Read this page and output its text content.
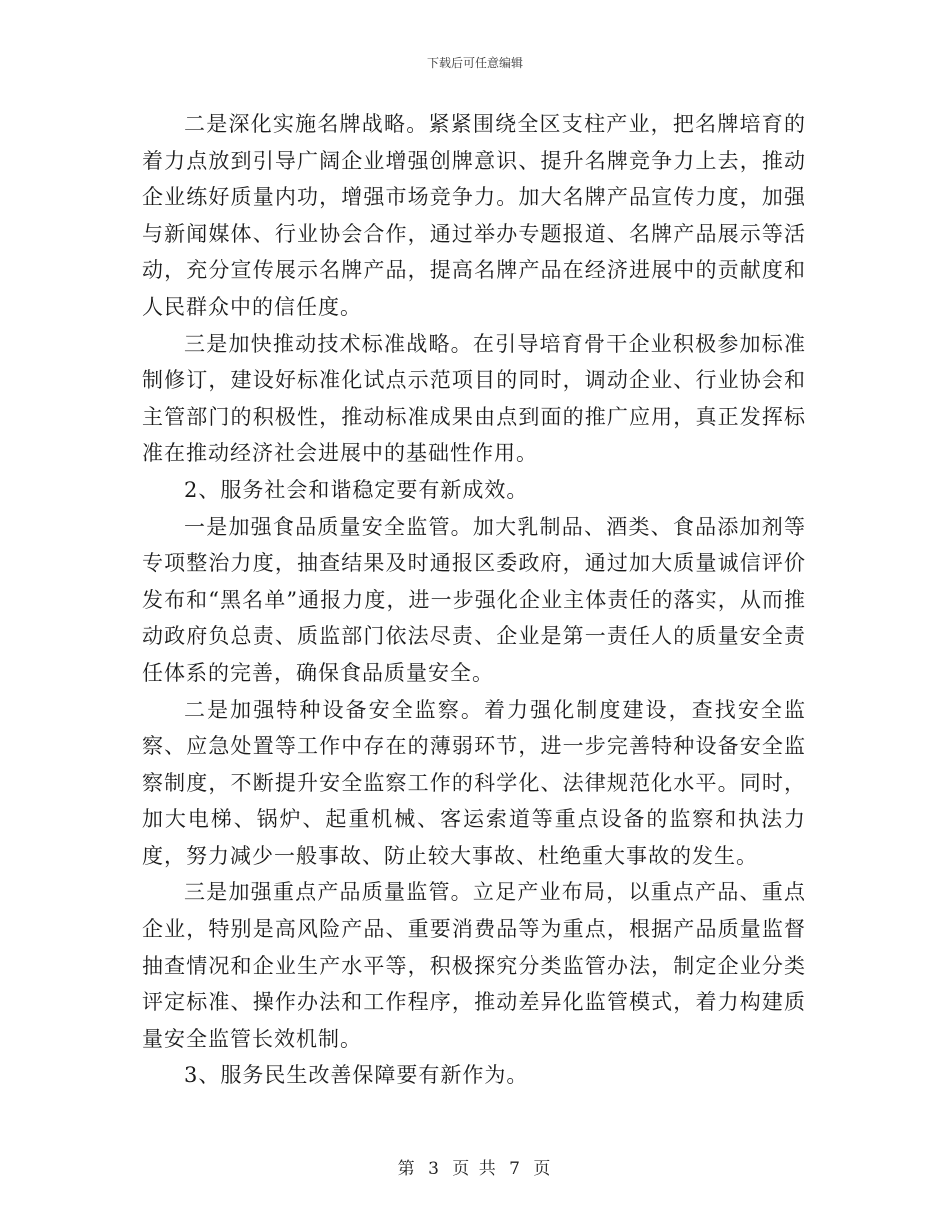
下载后可任意编辑

二是深化实施名牌战略。紧紧围绕全区支柱产业，把名牌培育的着力点放到引导广阔企业增强创牌意识、提升名牌竞争力上去，推动企业练好质量内功，增强市场竞争力。加大名牌产品宣传力度，加强与新闻媒体、行业协会合作，通过举办专题报道、名牌产品展示等活动，充分宣传展示名牌产品，提高名牌产品在经济进展中的贡献度和人民群众中的信任度。

三是加快推动技术标准战略。在引导培育骨干企业积极参加标准制修订，建设好标准化试点示范项目的同时，调动企业、行业协会和主管部门的积极性，推动标准成果由点到面的推广应用，真正发挥标准在推动经济社会进展中的基础性作用。

2、服务社会和谐稳定要有新成效。

一是加强食品质量安全监管。加大乳制品、酒类、食品添加剂等专项整治力度，抽查结果及时通报区委政府，通过加大质量诚信评价发布和“黑名单”通报力度，进一步强化企业主体责任的落实，从而推动政府负总责、质监部门依法尽责、企业是第一责任人的质量安全责任体系的完善，确保食品质量安全。

二是加强特种设备安全监察。着力强化制度建设，查找安全监察、应急处置等工作中存在的薄弱环节，进一步完善特种设备安全监察制度，不断提升安全监察工作的科学化、法律规范化水平。同时，加大电梯、锅炉、起重机械、客运索道等重点设备的监察和执法力度，努力减少一般事故、防止较大事故、杜绝重大事故的发生。

三是加强重点产品质量监管。立足产业布局，以重点产品、重点企业，特别是高风险产品、重要消费品等为重点，根据产品质量监督抽查情况和企业生产水平等，积极探究分类监管办法，制定企业分类评定标准、操作办法和工作程序，推动差异化监管模式，着力构建质量安全监管长效机制。

3、服务民生改善保障要有新作为。

第 3 页 共 7 页
